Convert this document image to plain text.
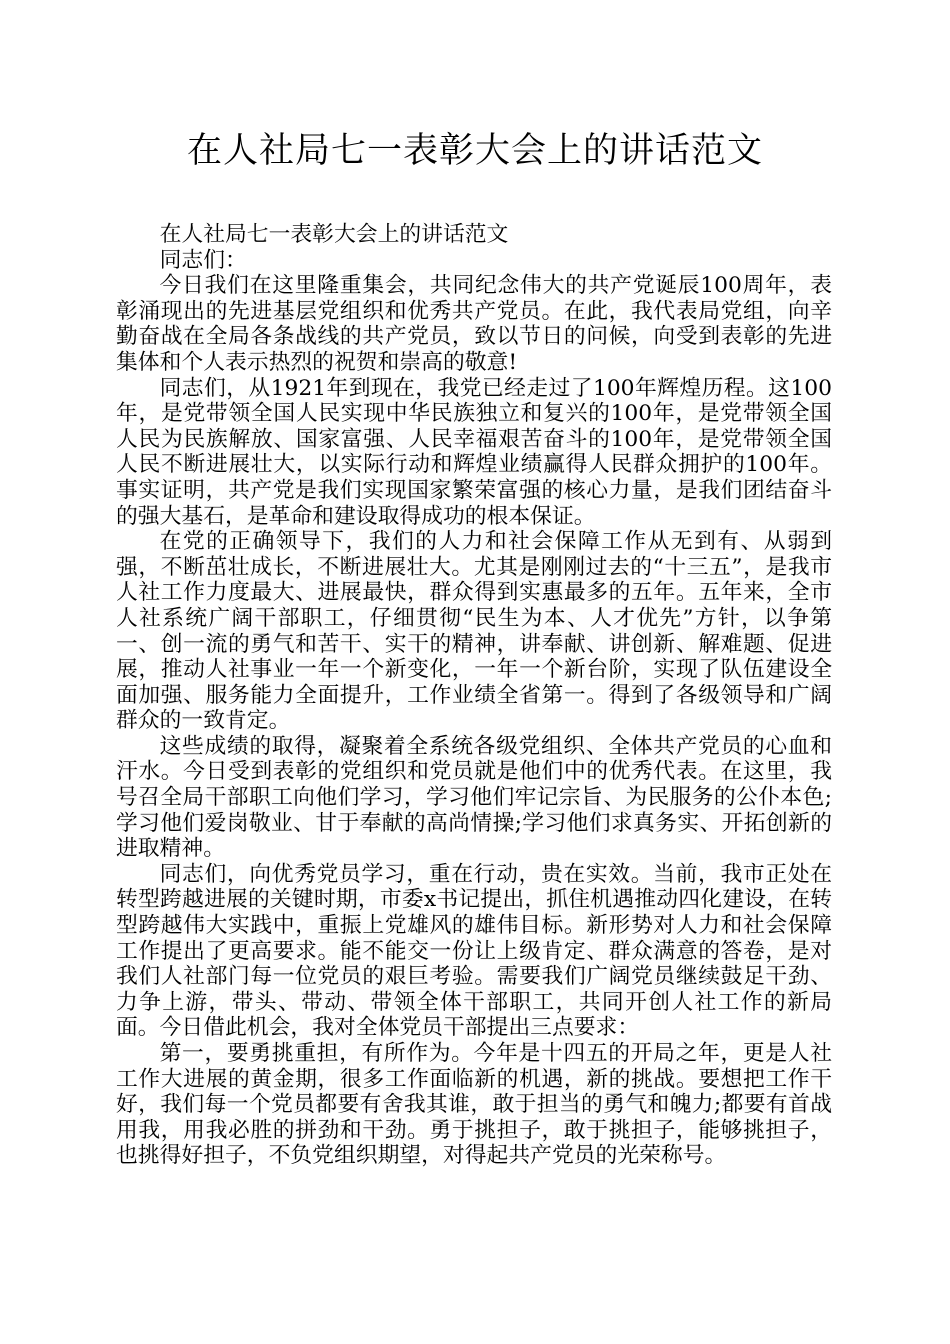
在人社局七一表彰大会上的讲话范文

在人社局七一表彰大会上的讲话范文

同志们：

今日我们在这里隆重集会，共同纪念伟大的共产党诞辰100周年，表彰涌现出的先进基层党组织和优秀共产党员。在此，我代表局党组，向辛勤奋战在全局各条战线的共产党员，致以节日的问候，向受到表彰的先进集体和个人表示热烈的祝贺和崇高的敬意!

同志们，从1921年到现在，我党已经走过了100年辉煌历程。这100年，是党带领全国人民实现中华民族独立和复兴的100年，是党带领全国人民为民族解放、国家富强、人民幸福艰苦奋斗的100年，是党带领全国人民不断进展壮大，以实际行动和辉煌业绩赢得人民群众拥护的100年。事实证明，共产党是我们实现国家繁荣富强的核心力量，是我们团结奋斗的强大基石，是革命和建设取得成功的根本保证。

在党的正确领导下，我们的人力和社会保障工作从无到有、从弱到强，不断茁壮成长，不断进展壮大。尤其是刚刚过去的“十三五”，是我市人社工作力度最大、进展最快，群众得到实惠最多的五年。五年来，全市人社系统广阔干部职工，仔细贯彻“民生为本、人才优先”方针，以争第一、创一流的勇气和苦干、实干的精神，讲奉献、讲创新、解难题、促进展，推动人社事业一年一个新变化，一年一个新台阶，实现了队伍建设全面加强、服务能力全面提升，工作业绩全省第一。得到了各级领导和广阔群众的一致肯定。

这些成绩的取得，凝聚着全系统各级党组织、全体共产党员的心血和汗水。今日受到表彰的党组织和党员就是他们中的优秀代表。在这里，我号召全局干部职工向他们学习，学习他们牢记宗旨、为民服务的公仆本色;学习他们爱岗敬业、甘于奉献的高尚情操;学习他们求真务实、开拓创新的进取精神。

同志们，向优秀党员学习，重在行动，贵在实效。当前，我市正处在转型跨越进展的关键时期，市委x书记提出，抓住机遇推动四化建设，在转型跨越伟大实践中，重振上党雄风的雄伟目标。新形势对人力和社会保障工作提出了更高要求。能不能交一份让上级肯定、群众满意的答卷，是对我们人社部门每一位党员的艰巨考验。需要我们广阔党员继续鼓足干劲、力争上游，带头、带动、带领全体干部职工，共同开创人社工作的新局面。今日借此机会，我对全体党员干部提出三点要求：

第一，要勇挑重担，有所作为。今年是十四五的开局之年，更是人社工作大进展的黄金期，很多工作面临新的机遇，新的挑战。要想把工作干好，我们每一个党员都要有舍我其谁，敢于担当的勇气和魄力;都要有首战用我，用我必胜的拼劲和干劲。勇于挑担子，敢于挑担子，能够挑担子，也挑得好担子，不负党组织期望，对得起共产党员的光荣称号。
